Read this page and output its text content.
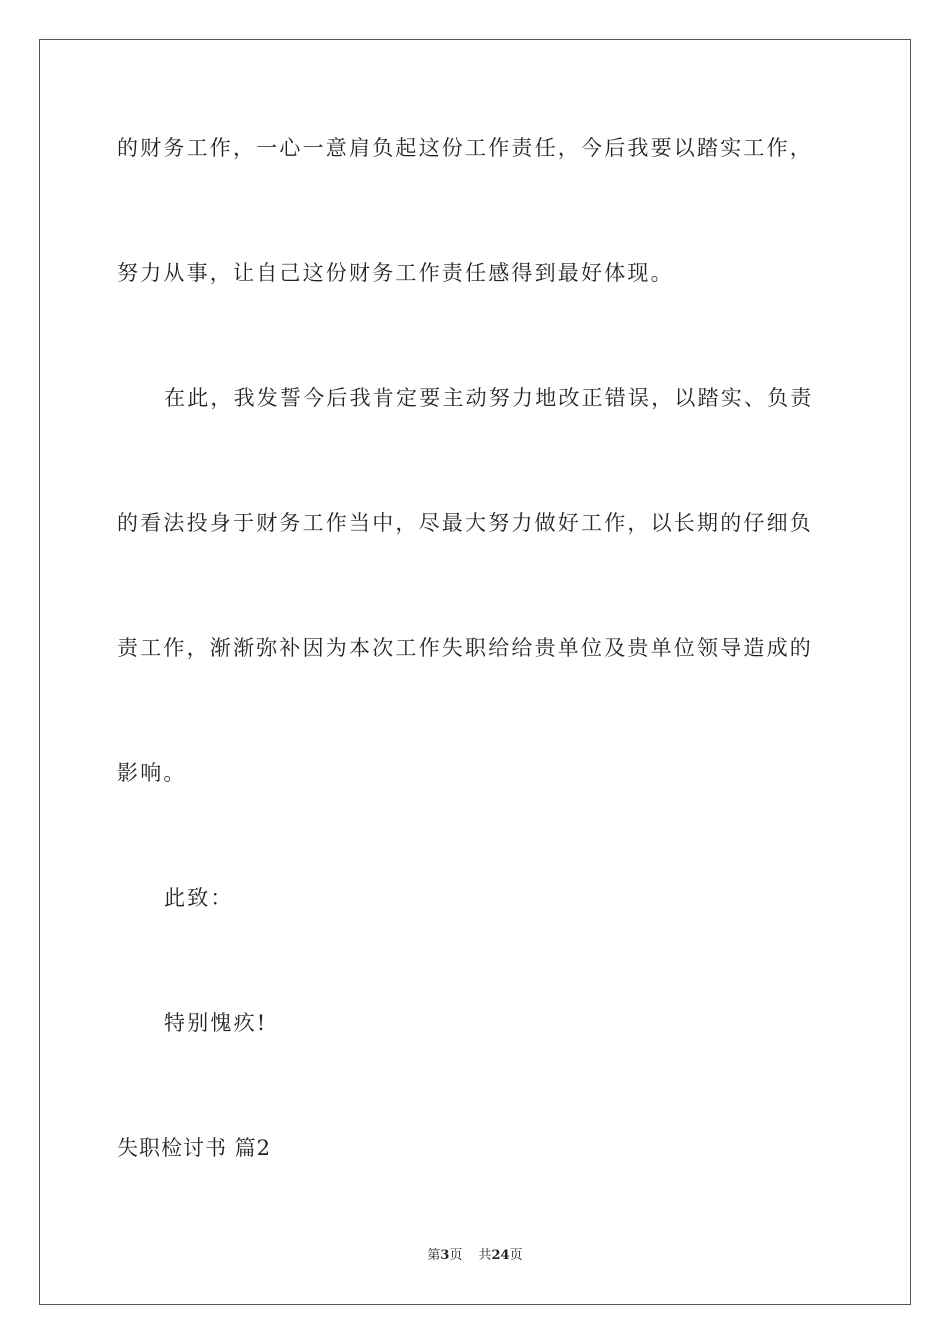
的财务工作，一心一意肩负起这份工作责任，今后我要以踏实工作，
努力从事，让自己这份财务工作责任感得到最好体现。
在此，我发誓今后我肯定要主动努力地改正错误，以踏实、负责
的看法投身于财务工作当中，尽最大努力做好工作，以长期的仔细负
责工作，渐渐弥补因为本次工作失职给给贵单位及贵单位领导造成的
影响。
此致：
特别愧疚!
失职检讨书 篇2
第3页 共24页
